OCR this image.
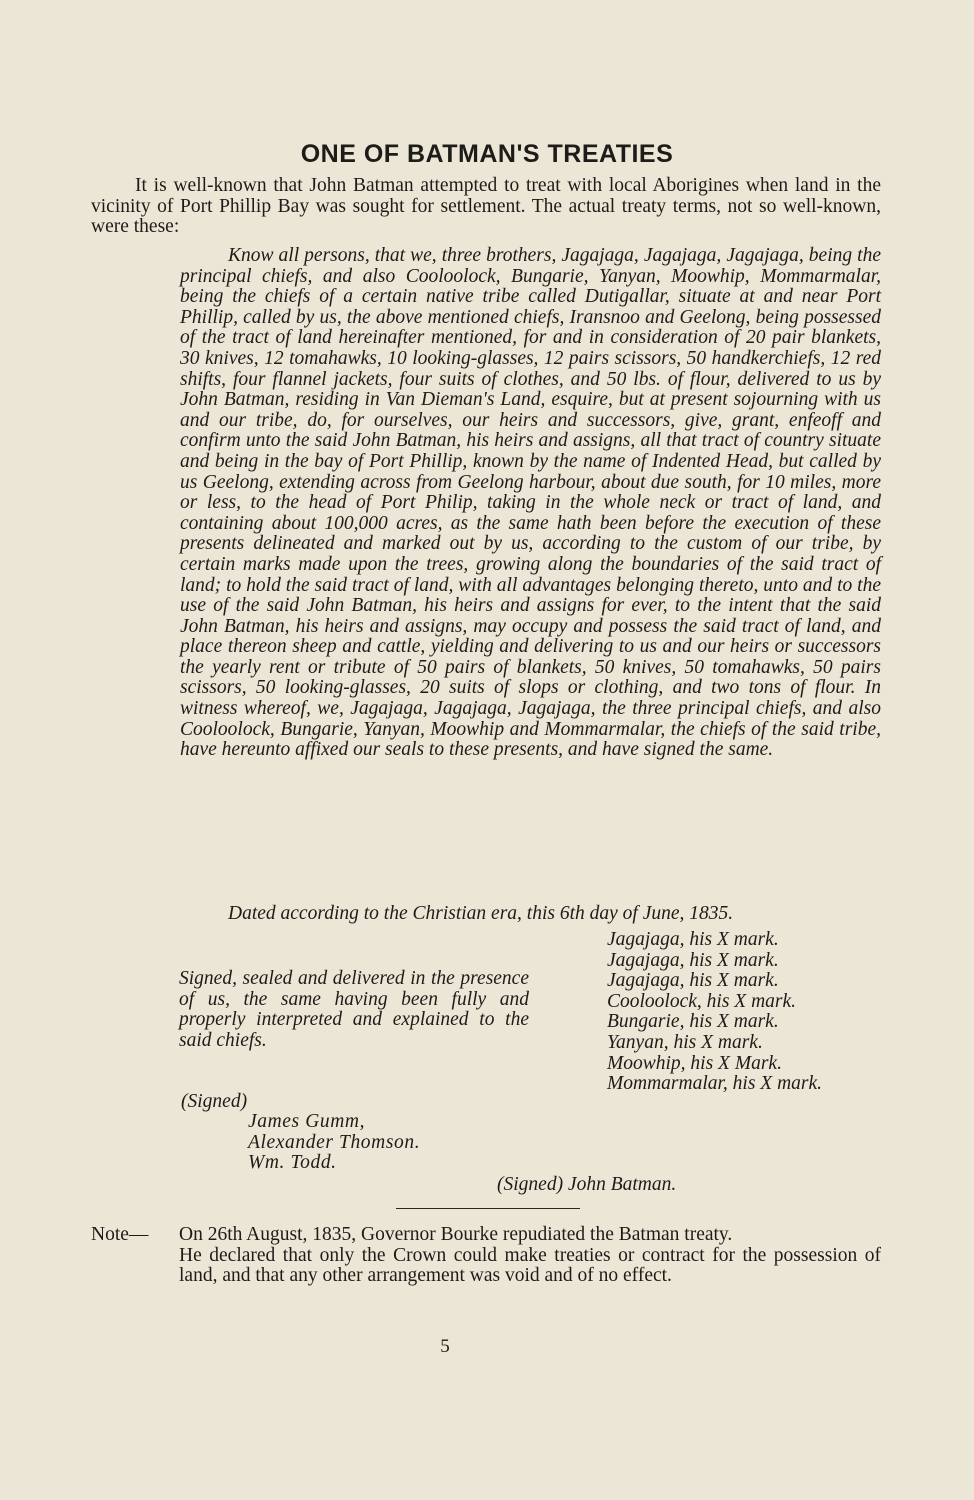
ONE OF BATMAN'S TREATIES

It is well-known that John Batman attempted to treat with local Aborigines when land in the vicinity of Port Phillip Bay was sought for settlement. The actual treaty terms, not so well-known, were these:

Know all persons, that we, three brothers, Jagajaga, Jagajaga, Jagajaga, being the principal chiefs, and also Cooloolock, Bungarie, Yanyan, Moowhip, Mommarmalar, being the chiefs of a certain native tribe called Dutigallar, situate at and near Port Phillip, called by us, the above mentioned chiefs, Iransnoo and Geelong, being possessed of the tract of land hereinafter mentioned, for and in consideration of 20 pair blankets, 30 knives, 12 tomahawks, 10 looking-glasses, 12 pairs scissors, 50 handkerchiefs, 12 red shifts, four flannel jackets, four suits of clothes, and 50 lbs. of flour, delivered to us by John Batman, residing in Van Dieman's Land, esquire, but at present sojourning with us and our tribe, do, for ourselves, our heirs and successors, give, grant, enfeoff and confirm unto the said John Batman, his heirs and assigns, all that tract of country situate and being in the bay of Port Phillip, known by the name of Indented Head, but called by us Geelong, extending across from Geelong harbour, about due south, for 10 miles, more or less, to the head of Port Philip, taking in the whole neck or tract of land, and containing about 100,000 acres, as the same hath been before the execution of these presents delineated and marked out by us, according to the custom of our tribe, by certain marks made upon the trees, growing along the boundaries of the said tract of land; to hold the said tract of land, with all advantages belonging thereto, unto and to the use of the said John Batman, his heirs and assigns for ever, to the intent that the said John Batman, his heirs and assigns, may occupy and possess the said tract of land, and place thereon sheep and cattle, yielding and delivering to us and our heirs or successors the yearly rent or tribute of 50 pairs of blankets, 50 knives, 50 tomahawks, 50 pairs scissors, 50 looking-glasses, 20 suits of slops or clothing, and two tons of flour. In witness whereof, we, Jagajaga, Jagajaga, Jagajaga, the three principal chiefs, and also Cooloolock, Bungarie, Yanyan, Moowhip and Mommarmalar, the chiefs of the said tribe, have hereunto affixed our seals to these presents, and have signed the same.

Dated according to the Christian era, this 6th day of June, 1835.

Jagajaga, his X mark.
Jagajaga, his X mark.
Jagajaga, his X mark.
Cooloolock, his X mark.
Bungarie, his X mark.
Yanyan, his X mark.
Moowhip, his X Mark.
Mommarmalar, his X mark.

Signed, sealed and delivered in the presence of us, the same having been fully and properly interpreted and explained to the said chiefs.

(Signed)

James Gumm,
Alexander Thomson.
Wm. Todd.

(Signed) John Batman.

Note— On 26th August, 1835, Governor Bourke repudiated the Batman treaty.
He declared that only the Crown could make treaties or contract for the possession of land, and that any other arrangement was void and of no effect.

5
